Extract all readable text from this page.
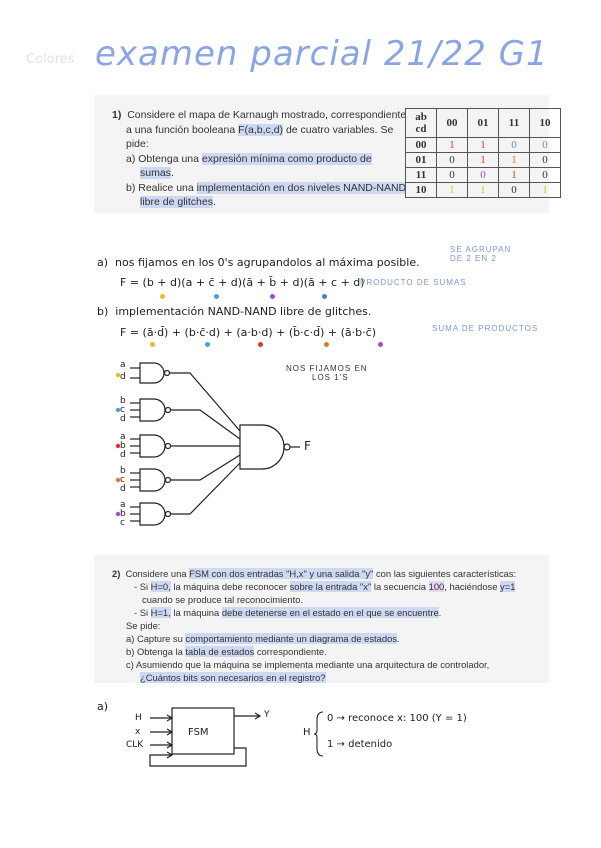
Colores examen parcial 21/22 G1
1) Considere el mapa de Karnaugh mostrado, correspondiente
a una función booleana F(a,b,c,d) de cuatro variables. Se
pide:
a) Obtenga una expresión mínima como producto de
sumas.
b) Realice una implementación en dos niveles NAND-NAND
libre de glitches.
ab
cd	00	01	11	10
00	1	1	0	0
01	0	1	1	0
11	0	0	1	0
10	1	1	0	1
a) nos fijamos en los 0's agrupandolos al máxima posible.
SE AGRUPAN
DE 2 EN 2
F = (b + d)(a + c̄ + d)(ā + b̄ + d)(ā + c + d)
PRODUCTO DE SUMAS
b) implementación NAND-NAND libre de glitches.
F = (ā·d̄) + (b·c̄·d) + (a·b·d) + (b̄·c·d̄) + (ā·b·c̄)	SUMA DE PRODUCTOS
NOS FIJAMOS EN
LOS 1'S
a
d
b
c
d
a
b
d
b
c
d
a
b
c
F
2) Considere una FSM con dos entradas "H,x" y una salida "y" con las siguientes características:
- Si H=0, la máquina debe reconocer sobre la entrada "x" la secuencia 100, haciéndose y=1
cuando se produce tal reconocimiento.
- Si H=1, la máquina debe detenerse en el estado en el que se encuentre.
Se pide:
a) Capture su comportamiento mediante un diagrama de estados.
b) Obtenga la tabla de estados correspondiente.
c) Asumiendo que la máquina se implementa mediante una arquitectura de controlador,
¿Cuántos bits son necesarios en el registro?
a)
H
x
CLK
Y
FSM	H
0 → reconoce x: 100 (Y = 1)
1 → detenido
